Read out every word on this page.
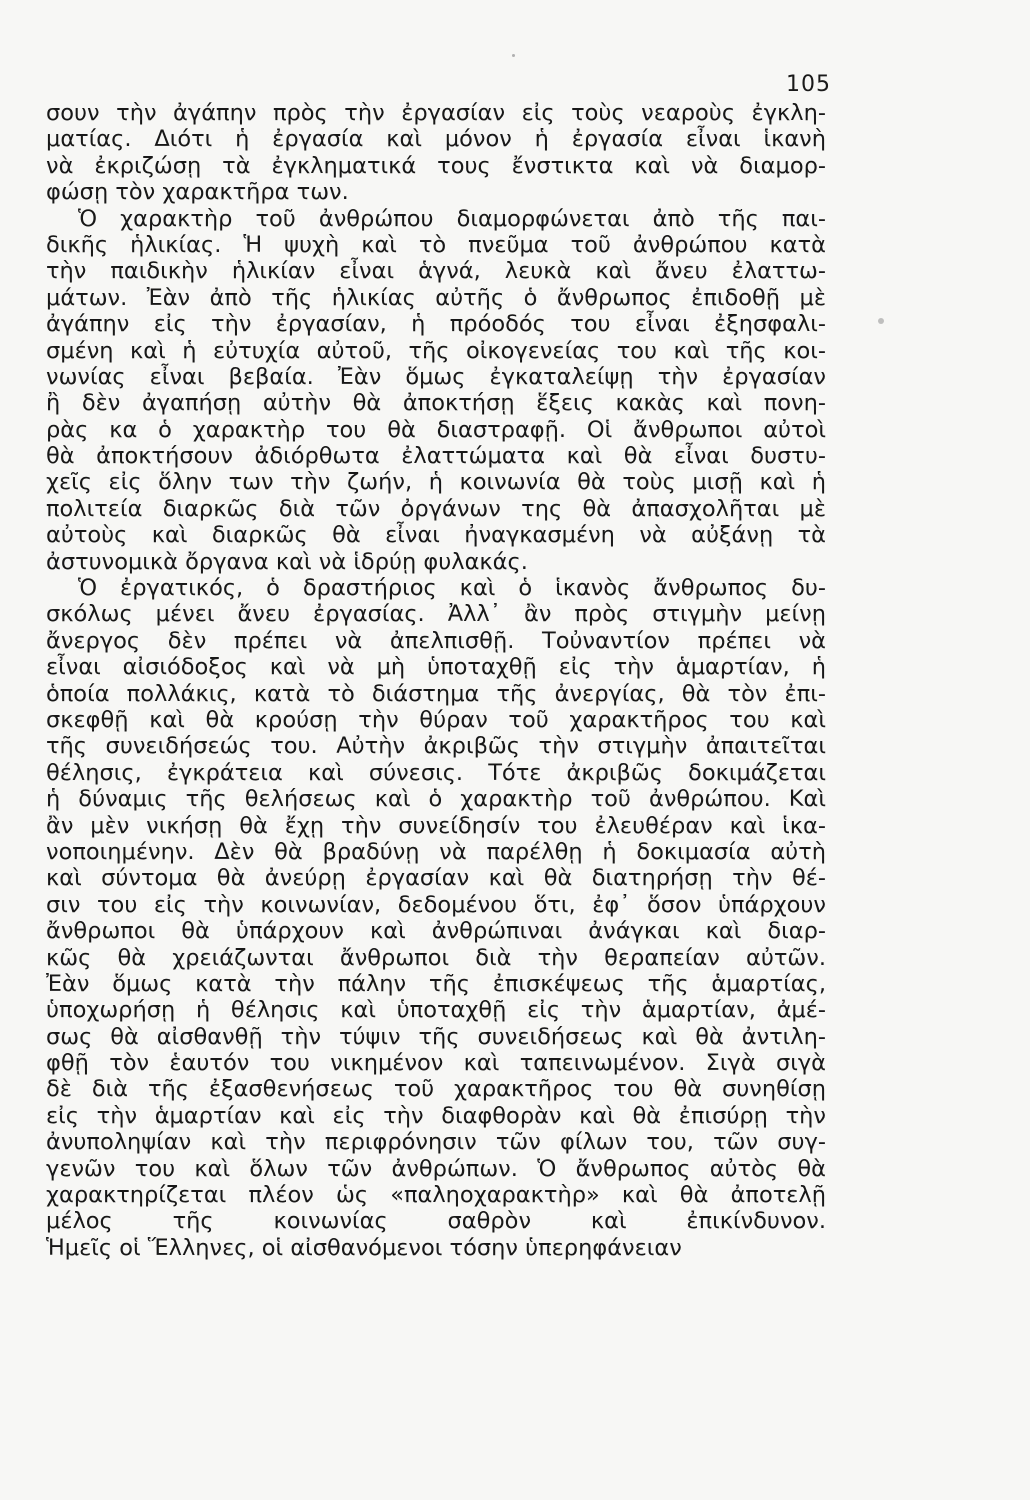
105
σουν τὴν ἀγάπην πρὸς τὴν ἐργασίαν εἰς τοὺς νεαροὺς ἐγκλη-
ματίας. Διότι ἡ ἐργασία καὶ μόνον ἡ ἐργασία εἶναι ἱκανὴ
νὰ ἐκριζώσῃ τὰ ἐγκληματικά τους ἔνστικτα καὶ νὰ διαμορ-
φώσῃ τὸν χαρακτῆρα των.
Ὁ χαρακτὴρ τοῦ ἀνθρώπου διαμορφώνεται ἀπὸ τῆς παι-
δικῆς ἡλικίας. Ἡ ψυχὴ καὶ τὸ πνεῦμα τοῦ ἀνθρώπου κατὰ
τὴν παιδικὴν ἡλικίαν εἶναι ἁγνά, λευκὰ καὶ ἄνευ ἐλαττω-
μάτων. Ἐὰν ἀπὸ τῆς ἡλικίας αὐτῆς ὁ ἄνθρωπος ἐπιδοθῇ μὲ
ἀγάπην εἰς τὴν ἐργασίαν, ἡ πρόοδός του εἶναι ἐξησφαλι-
σμένη καὶ ἡ εὐτυχία αὐτοῦ, τῆς οἰκογενείας του καὶ τῆς κοι-
νωνίας εἶναι βεβαία. Ἐὰν ὅμως ἐγκαταλείψῃ τὴν ἐργασίαν
ἢ δὲν ἀγαπήσῃ αὐτὴν θὰ ἀποκτήσῃ ἕξεις κακὰς καὶ πονη-
ρὰς κα ὁ χαρακτὴρ του θὰ διαστραφῇ. Οἱ ἄνθρωποι αὐτοὶ
θὰ ἀποκτήσουν ἀδιόρθωτα ἐλαττώματα καὶ θὰ εἶναι δυστυ-
χεῖς εἰς ὅλην των τὴν ζωήν, ἡ κοινωνία θὰ τοὺς μισῇ καὶ ἡ
πολιτεία διαρκῶς διὰ τῶν ὀργάνων της θὰ ἀπασχολῆται μὲ
αὐτοὺς καὶ διαρκῶς θὰ εἶναι ἠναγκασμένη νὰ αὐξάνῃ τὰ
ἀστυνομικὰ ὄργανα καὶ νὰ ἱδρύῃ φυλακάς.
Ὁ ἐργατικός, ὁ δραστήριος καὶ ὁ ἱκανὸς ἄνθρωπος δυ-
σκόλως μένει ἄνευ ἐργασίας. Ἀλλ᾽ ἂν πρὸς στιγμὴν μείνῃ
ἄνεργος δὲν πρέπει νὰ ἀπελπισθῇ. Τοὐναντίον πρέπει νὰ
εἶναι αἰσιόδοξος καὶ νὰ μὴ ὑποταχθῇ εἰς τὴν ἁμαρτίαν, ἡ
ὁποία πολλάκις, κατὰ τὸ διάστημα τῆς ἀνεργίας, θὰ τὸν ἐπι-
σκεφθῇ καὶ θὰ κρούσῃ τὴν θύραν τοῦ χαρακτῆρος του καὶ
τῆς συνειδήσεώς του. Αὐτὴν ἀκριβῶς τὴν στιγμὴν ἀπαιτεῖται
θέλησις, ἐγκράτεια καὶ σύνεσις. Τότε ἀκριβῶς δοκιμάζεται
ἡ δύναμις τῆς θελήσεως καὶ ὁ χαρακτὴρ τοῦ ἀνθρώπου. Καὶ
ἂν μὲν νικήσῃ θὰ ἔχῃ τὴν συνείδησίν του ἐλευθέραν καὶ ἱκα-
νοποιημένην. Δὲν θὰ βραδύνῃ νὰ παρέλθῃ ἡ δοκιμασία αὐτὴ
καὶ σύντομα θὰ ἀνεύρῃ ἐργασίαν καὶ θὰ διατηρήσῃ τὴν θέ-
σιν του εἰς τὴν κοινωνίαν, δεδομένου ὅτι, ἐφ᾽ ὅσον ὑπάρχουν
ἄνθρωποι θὰ ὑπάρχουν καὶ ἀνθρώπιναι ἀνάγκαι καὶ διαρ-
κῶς θὰ χρειάζωνται ἄνθρωποι διὰ τὴν θεραπείαν αὐτῶν.
Ἐὰν ὅμως κατὰ τὴν πάλην τῆς ἐπισκέψεως τῆς ἁμαρτίας,
ὑποχωρήσῃ ἡ θέλησις καὶ ὑποταχθῇ εἰς τὴν ἁμαρτίαν, ἀμέ-
σως θὰ αἰσθανθῇ τὴν τύψιν τῆς συνειδήσεως καὶ θὰ ἀντιλη-
φθῇ τὸν ἑαυτόν του νικημένον καὶ ταπεινωμένον. Σιγὰ σιγὰ
δὲ διὰ τῆς ἐξασθενήσεως τοῦ χαρακτῆρος του θὰ συνηθίσῃ
εἰς τὴν ἁμαρτίαν καὶ εἰς τὴν διαφθορὰν καὶ θὰ ἐπισύρῃ τὴν
ἀνυποληψίαν καὶ τὴν περιφρόνησιν τῶν φίλων του, τῶν συγ-
γενῶν του καὶ ὅλων τῶν ἀνθρώπων. Ὁ ἄνθρωπος αὐτὸς θὰ
χαρακτηρίζεται πλέον ὡς «παληοχαρακτὴρ» καὶ θὰ ἀποτελῇ
μέλος τῆς κοινωνίας σαθρὸν καὶ ἐπικίνδυνον.
Ἡμεῖς οἱ Ἕλληνες, οἱ αἰσθανόμενοι τόσην ὑπερηφάνειαν
